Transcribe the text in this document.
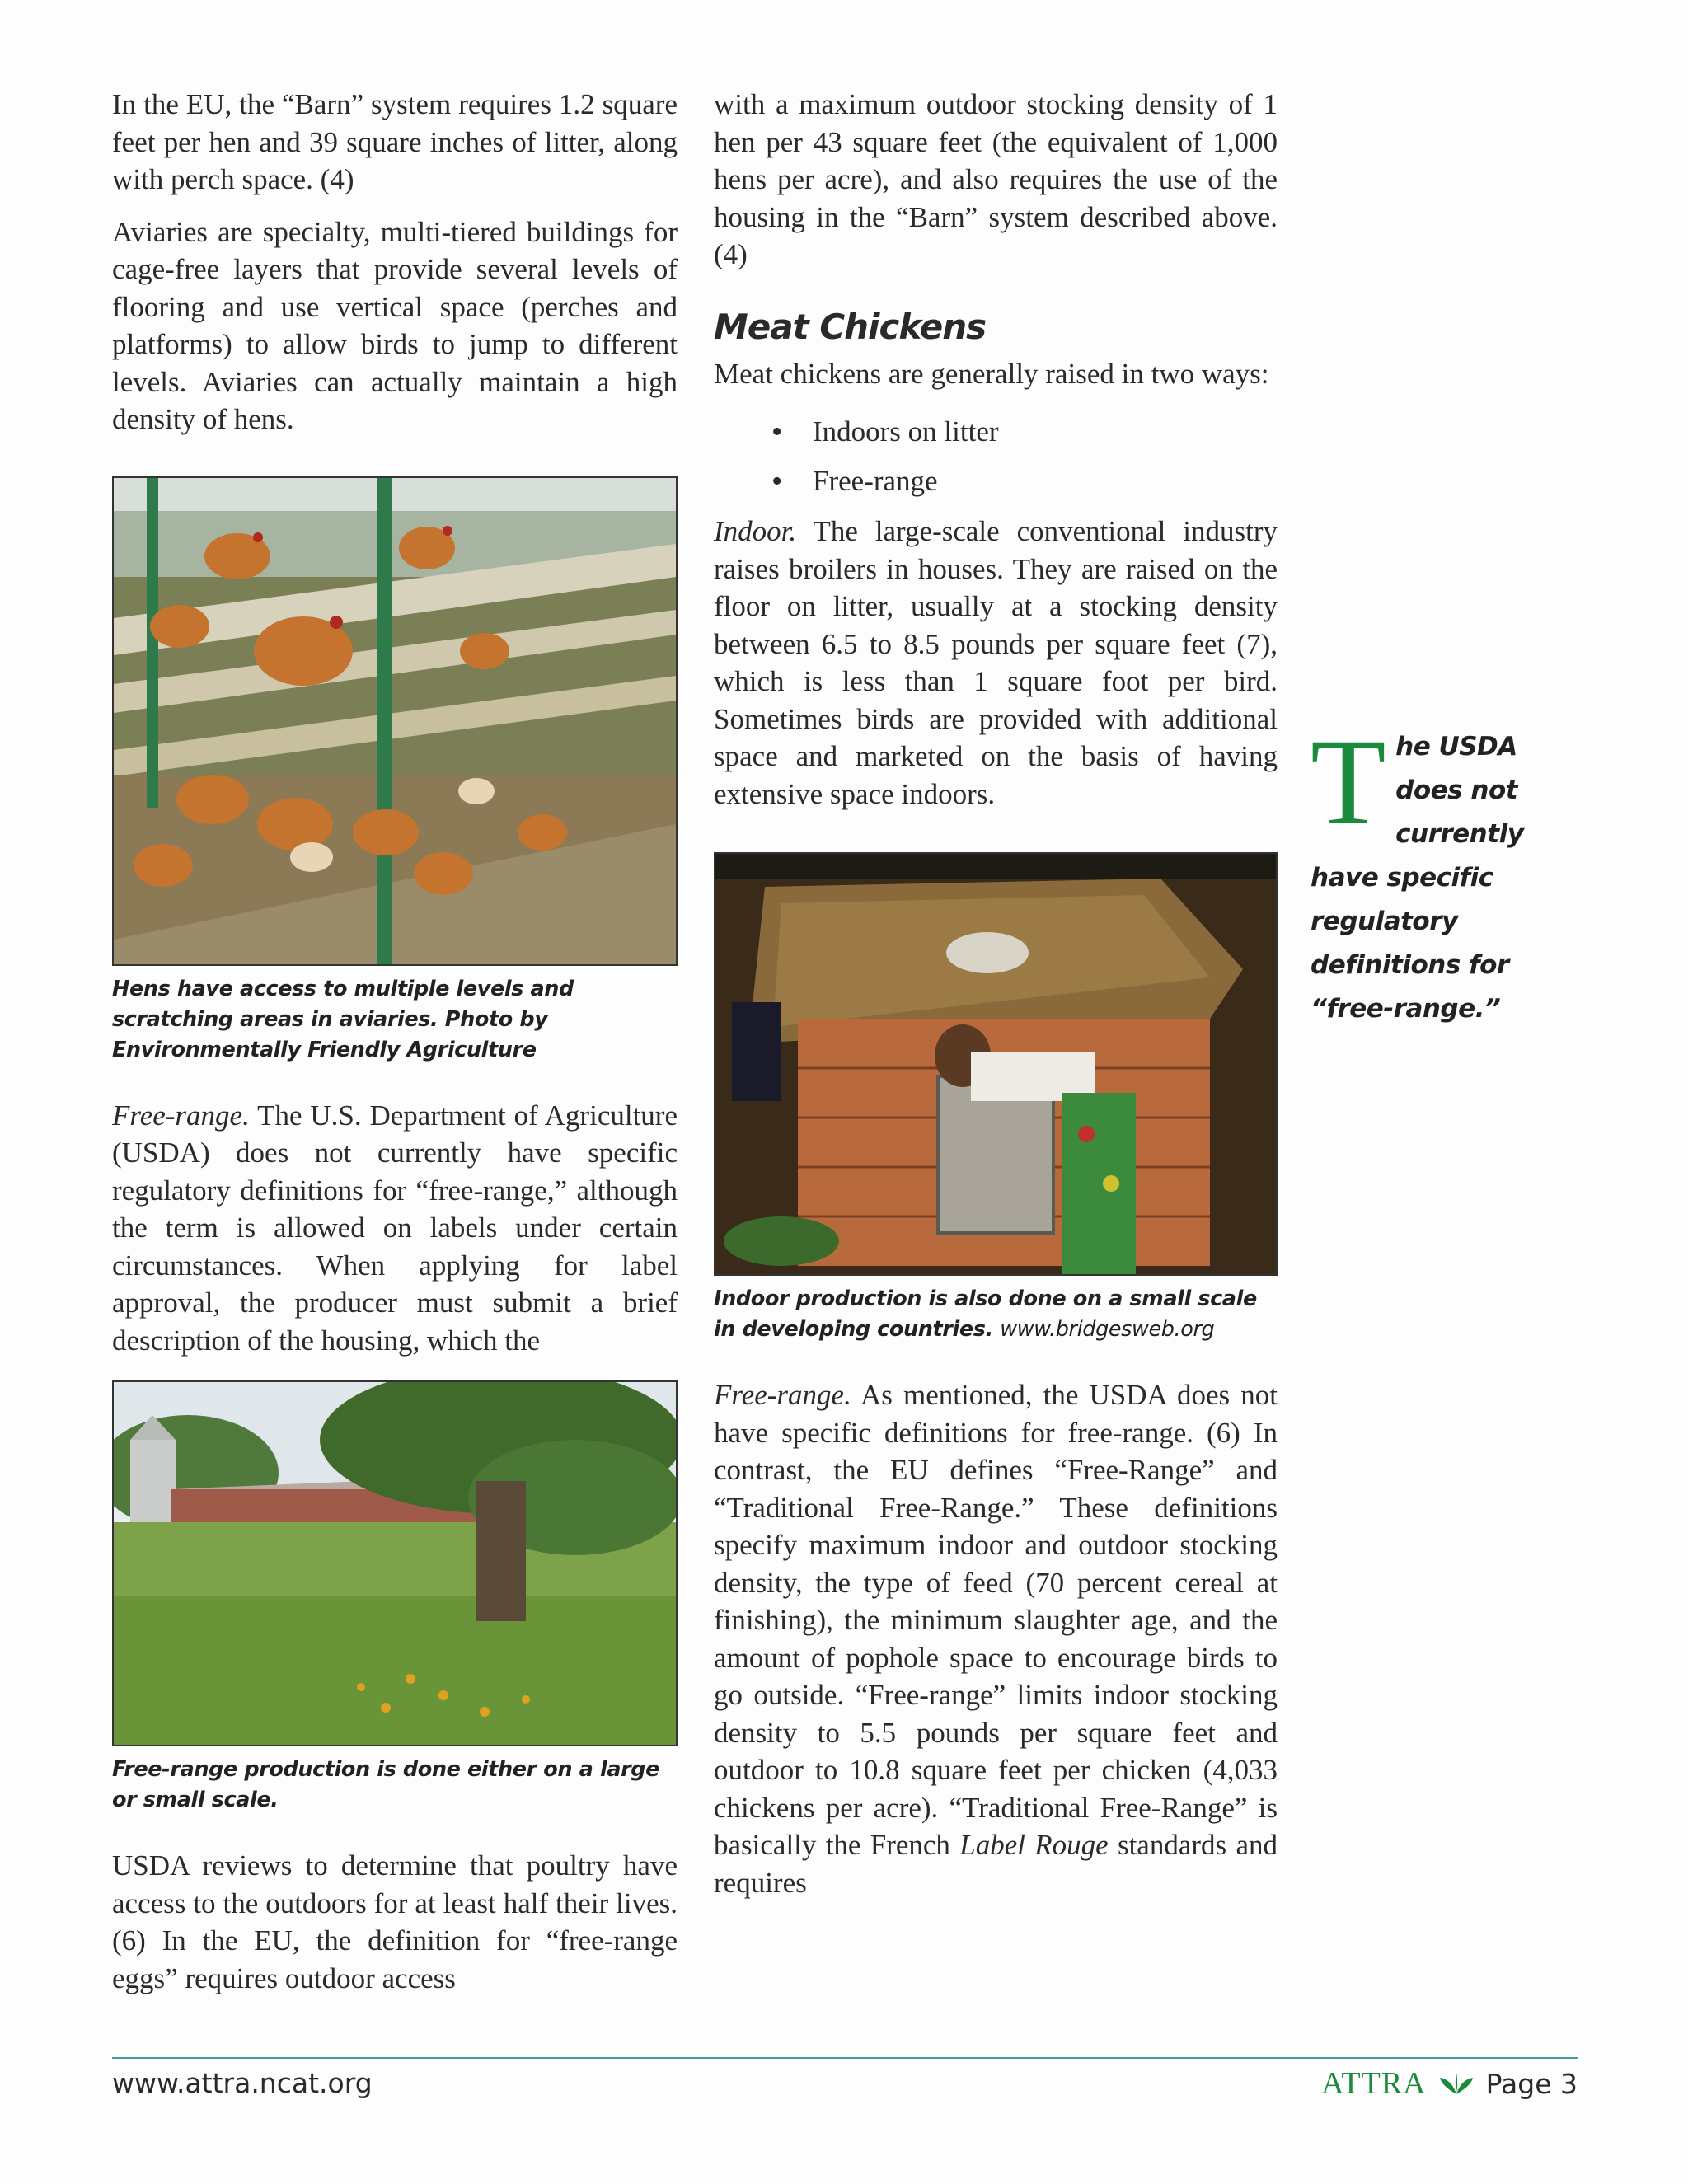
In the EU, the “Barn” system requires 1.2 square feet per hen and 39 square inches of litter, along with perch space. (4)

Aviaries are specialty, multi-tiered buildings for cage-free layers that provide several levels of flooring and use vertical space (perches and platforms) to allow birds to jump to different levels. Aviaries can actually maintain a high density of hens.

Hens have access to multiple levels and scratching areas in aviaries. Photo by Environmentally Friendly Agriculture

Free-range. The U.S. Department of Agriculture (USDA) does not currently have specific regulatory definitions for “free-range,” although the term is allowed on labels under certain circumstances. When applying for label approval, the producer must submit a brief description of the housing, which the

Free-range production is done either on a large or small scale.

USDA reviews to determine that poultry have access to the outdoors for at least half their lives. (6) In the EU, the definition for “free-range eggs” requires outdoor access

with a maximum outdoor stocking density of 1 hen per 43 square feet (the equivalent of 1,000 hens per acre), and also requires the use of the housing in the “Barn” system described above. (4)

Meat Chickens

Meat chickens are generally raised in two ways:

• Indoors on litter
• Free-range

Indoor. The large-scale conventional industry raises broilers in houses. They are raised on the floor on litter, usually at a stocking density between 6.5 to 8.5 pounds per square feet (7), which is less than 1 square foot per bird. Sometimes birds are provided with additional space and marketed on the basis of having extensive space indoors.

Indoor production is also done on a small scale in developing countries. www.bridgesweb.org

Free-range. As mentioned, the USDA does not have specific definitions for free-range. (6) In contrast, the EU defines “Free-Range” and “Traditional Free-Range.” These definitions specify maximum indoor and outdoor stocking density, the type of feed (70 percent cereal at finishing), the minimum slaughter age, and the amount of pophole space to encourage birds to go outside. “Free-range” limits indoor stocking density to 5.5 pounds per square feet and outdoor to 10.8 square feet per chicken (4,033 chickens per acre). “Traditional Free-Range” is basically the French Label Rouge standards and requires

The USDA does not currently have specific regulatory definitions for “free-range.”
www.attra.ncat.org	ATTRA Page 3
